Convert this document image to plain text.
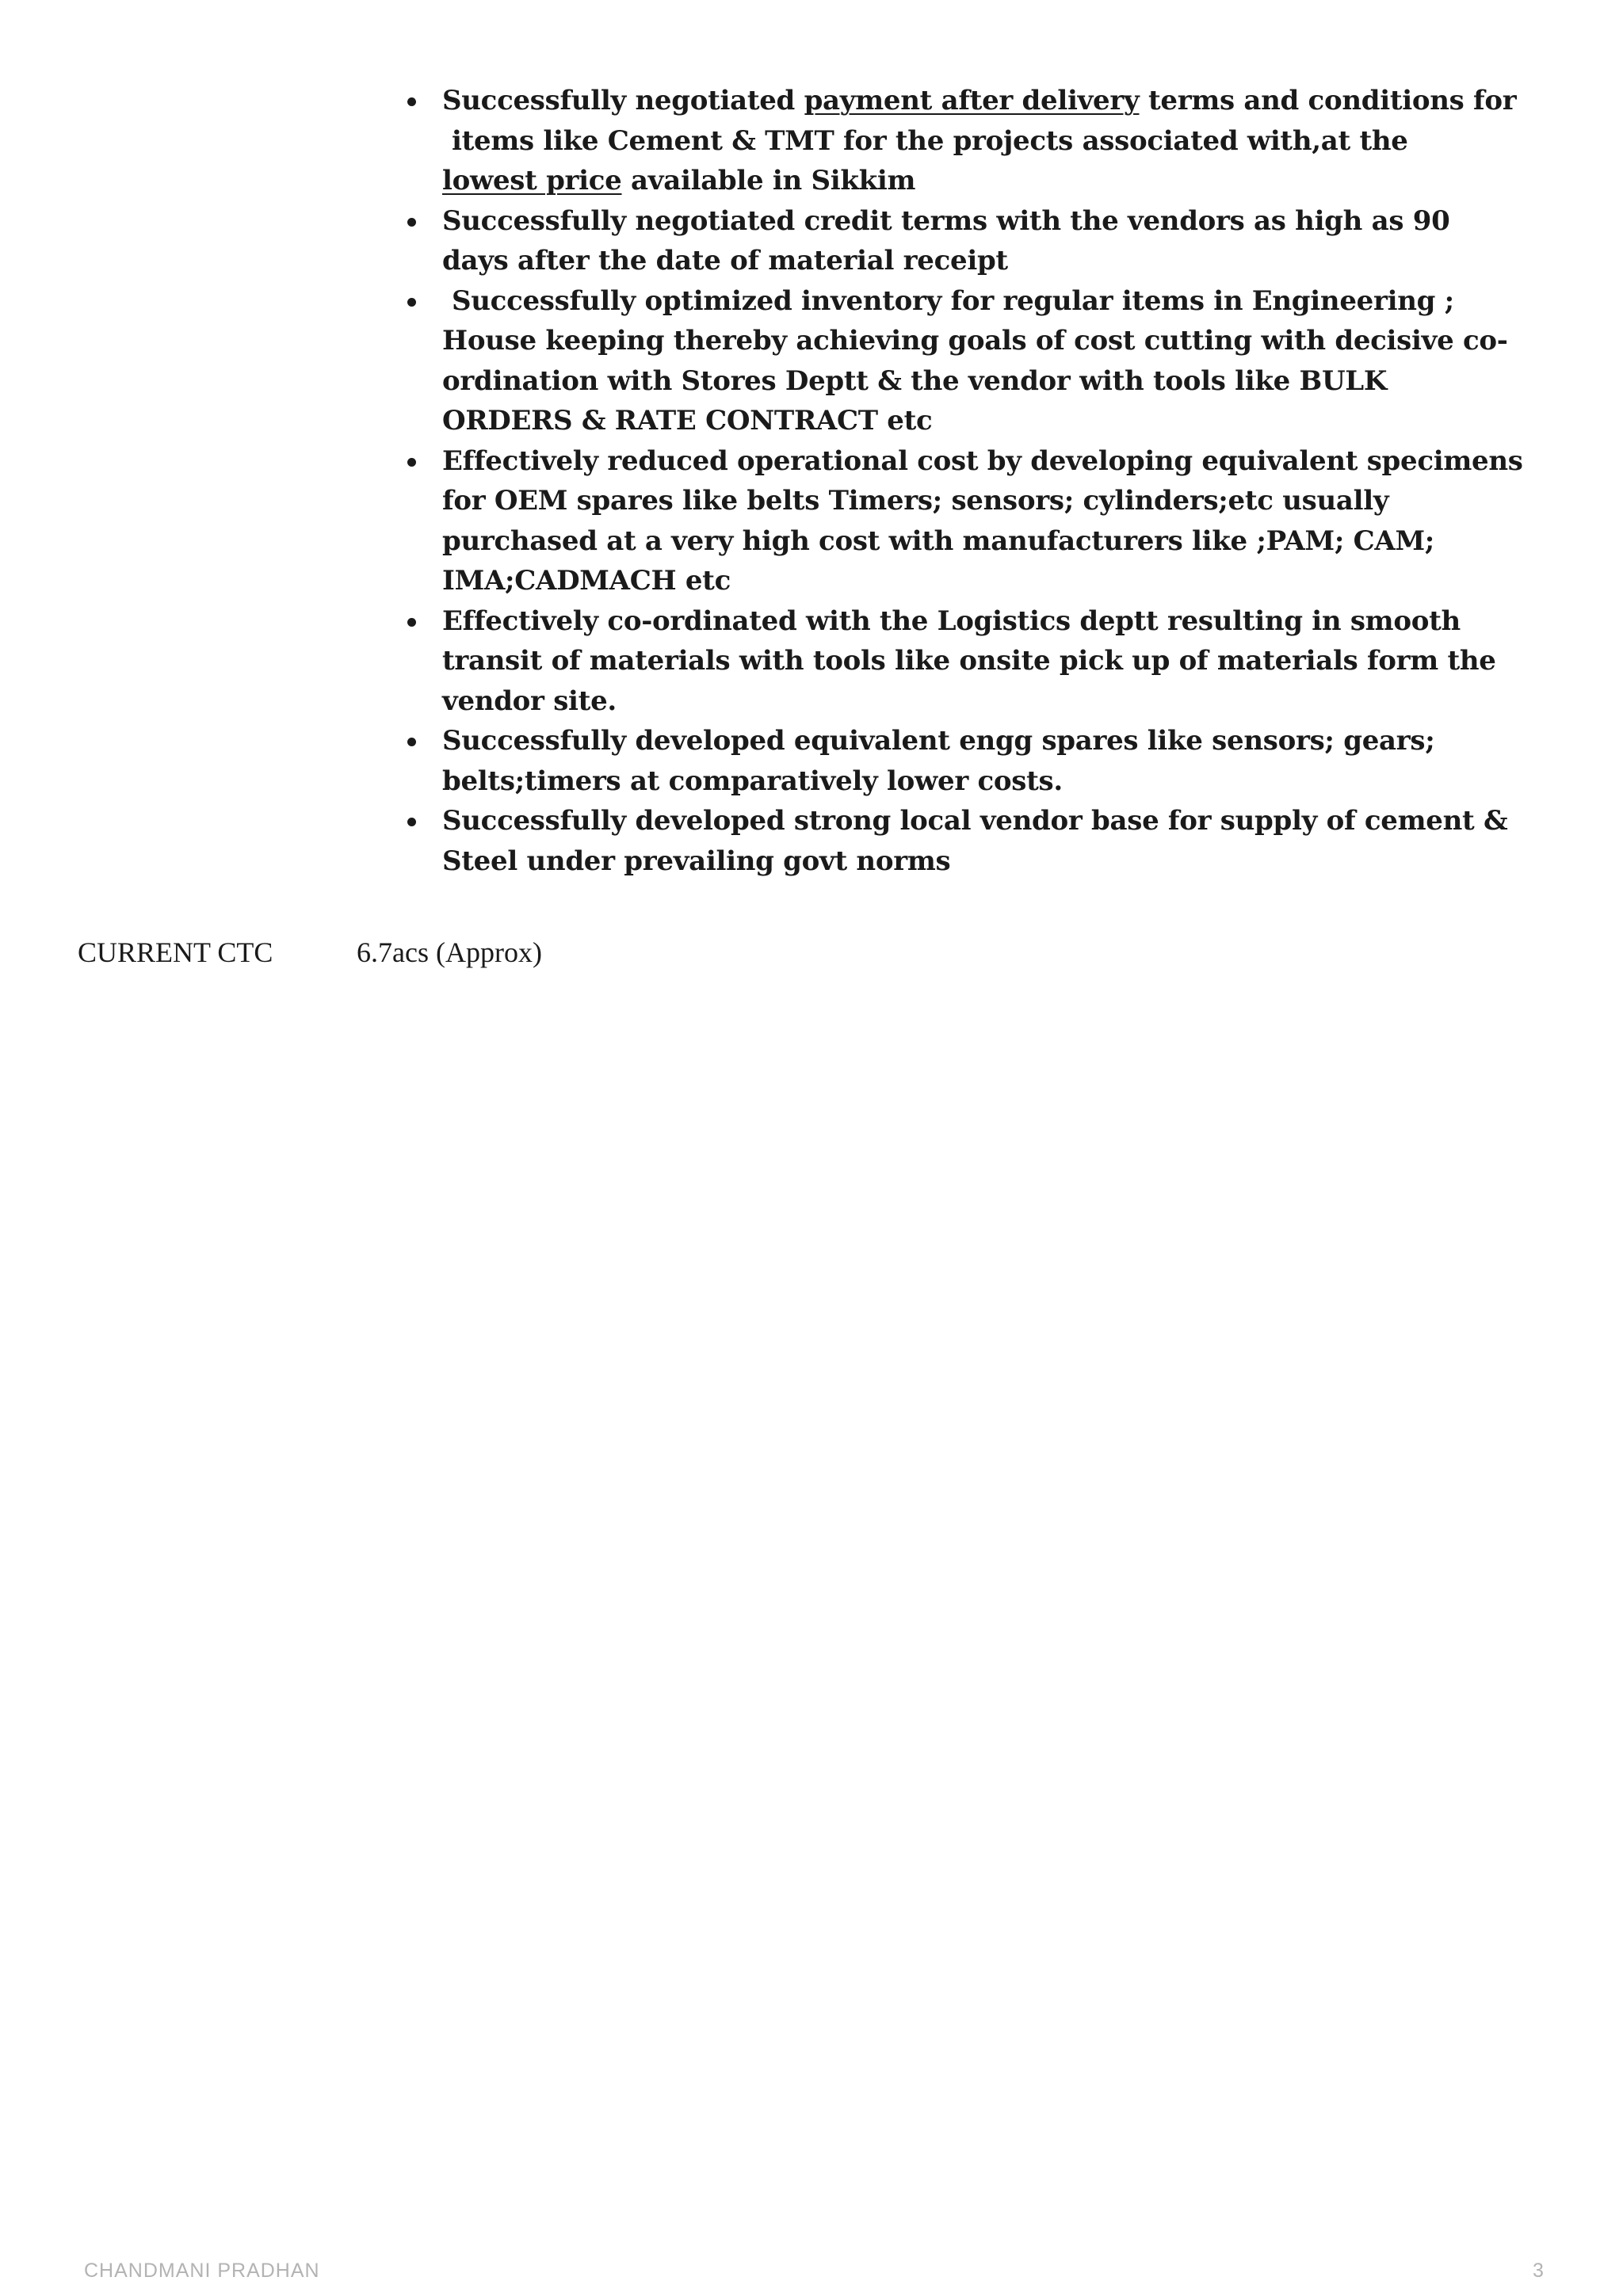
Successfully negotiated payment after delivery terms and conditions for
items like Cement & TMT for the projects associated with,at the
lowest price available in Sikkim
Successfully negotiated credit terms with the vendors as high as 90
days after the date of material receipt
Successfully optimized inventory for regular items in Engineering ;
House keeping thereby achieving goals of cost cutting with decisive co-
ordination with Stores Deptt & the vendor with tools like BULK
ORDERS & RATE CONTRACT etc
Effectively reduced operational cost by developing equivalent specimens
for OEM spares like belts Timers; sensors; cylinders;etc usually
purchased at a very high cost with manufacturers like ;PAM; CAM;
IMA;CADMACH etc
Effectively co-ordinated with the Logistics deptt resulting in smooth
transit of materials with tools like onsite pick up of materials form the
vendor site.
Successfully developed equivalent engg spares like sensors; gears;
belts;timers at comparatively lower costs.
Successfully developed strong local vendor base for supply of cement &
Steel under prevailing govt norms
CURRENT CTC	6.7acs (Approx)
CHANDMANI PRADHAN	3
